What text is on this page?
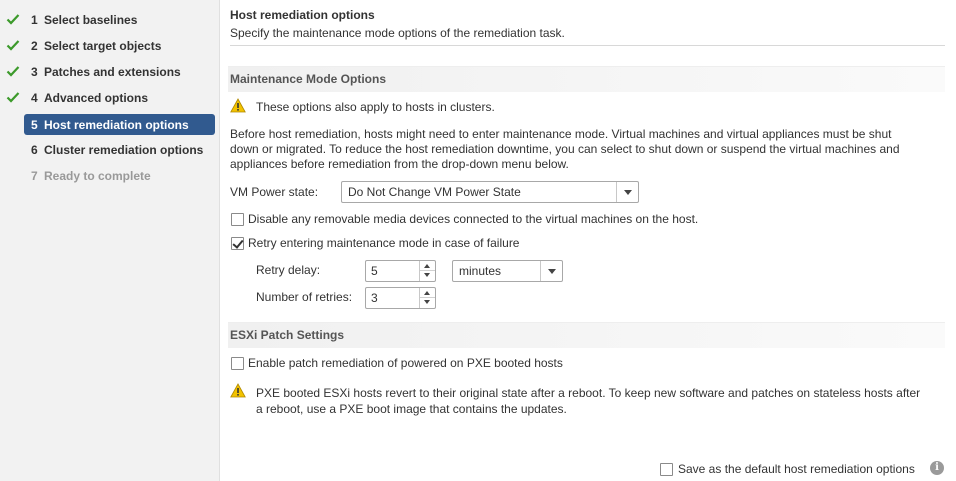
1 Select baselines
2 Select target objects
3 Patches and extensions
4 Advanced options
5 Host remediation options
6 Cluster remediation options
7 Ready to complete
Host remediation options
Specify the maintenance mode options of the remediation task.
Maintenance Mode Options
These options also apply to hosts in clusters.
Before host remediation, hosts might need to enter maintenance mode. Virtual machines and virtual appliances must be shut
down or migrated. To reduce the host remediation downtime, you can select to shut down or suspend the virtual machines and
appliances before remediation from the drop-down menu below.
VM Power state: Do Not Change VM Power State
Disable any removable media devices connected to the virtual machines on the host.
Retry entering maintenance mode in case of failure
Retry delay:	5	minutes
Number of retries: 3
ESXi Patch Settings
Enable patch remediation of powered on PXE booted hosts
PXE booted ESXi hosts revert to their original state after a reboot. To keep new software and patches on stateless hosts after
a reboot, use a PXE boot image that contains the updates.
Save as the default host remediation options	i
